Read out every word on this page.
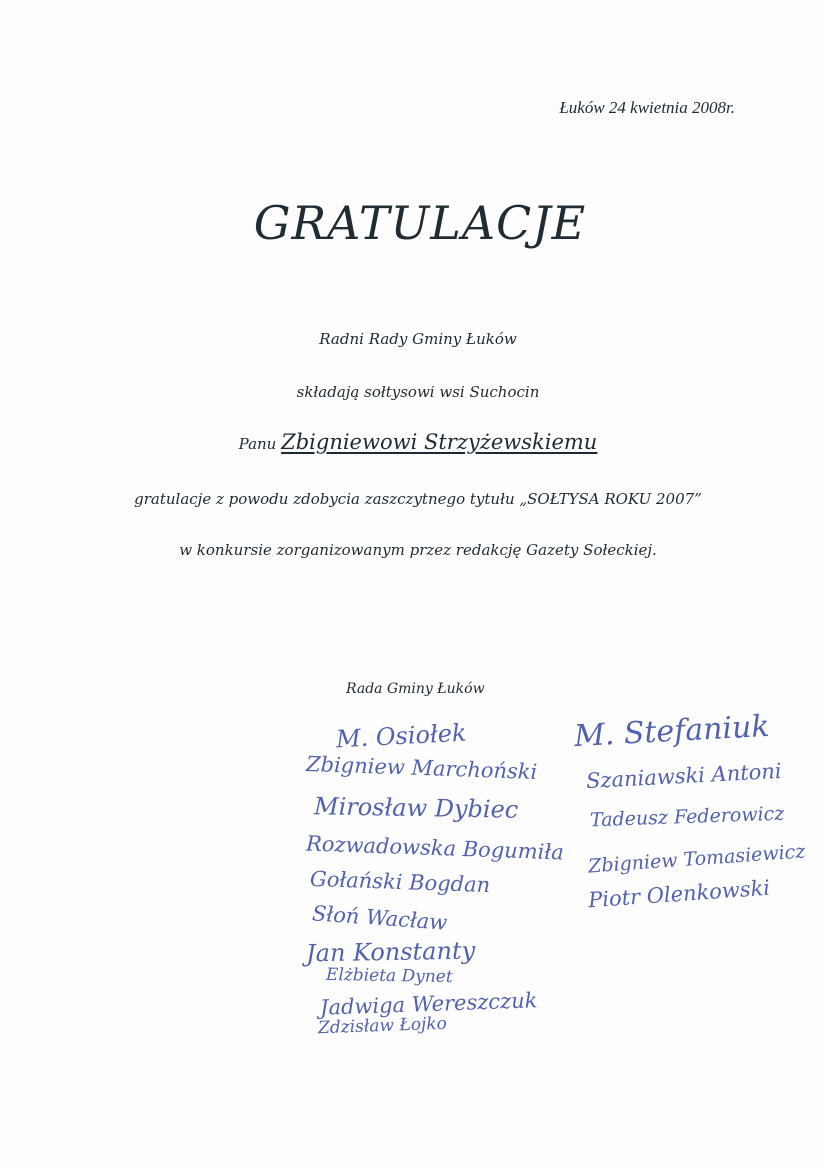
Łuków 24 kwietnia 2008r.
GRATULACJE
Radni Rady Gminy Łuków
składają sołtysowi wsi Suchocin
Panu Zbigniewowi Strzyżewskiemu
gratulacje z powodu zdobycia zaszczytnego tytułu „SOŁTYSA ROKU 2007”
w konkursie zorganizowanym przez redakcję Gazety Sołeckiej.
Rada Gminy Łuków
M. Osiołek
Zbigniew Marchoński
Mirosław Dybiec
Rozwadowska Bogumiła
Gołański Bogdan
Słoń Wacław
Jan Konstanty
Elżbieta Dynet
Jadwiga Wereszczuk
Zdzisław Łojko
M. Stefaniuk
Szaniawski Antoni
Tadeusz Federowicz
Zbigniew Tomasiewicz
Piotr Olenkowski
